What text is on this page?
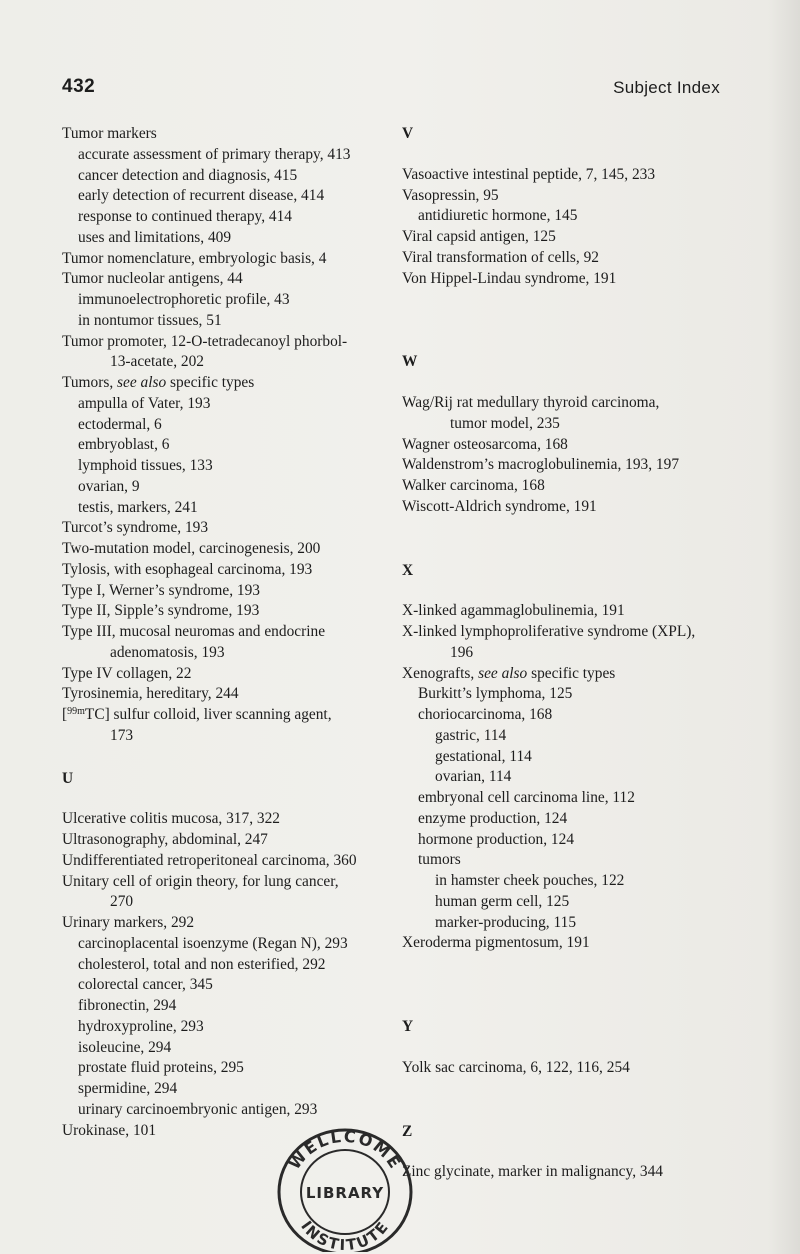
432	Subject Index
Tumor markers
accurate assessment of primary therapy, 413
cancer detection and diagnosis, 415
early detection of recurrent disease, 414
response to continued therapy, 414
uses and limitations, 409
Tumor nomenclature, embryologic basis, 4
Tumor nucleolar antigens, 44
immunoelectrophoretic profile, 43
in nontumor tissues, 51
Tumor promoter, 12-O-tetradecanoyl phorbol-
13-acetate, 202
Tumors, see also specific types
ampulla of Vater, 193
ectodermal, 6
embryoblast, 6
lymphoid tissues, 133
ovarian, 9
testis, markers, 241
Turcot’s syndrome, 193
Two-mutation model, carcinogenesis, 200
Tylosis, with esophageal carcinoma, 193
Type I, Werner’s syndrome, 193
Type II, Sipple’s syndrome, 193
Type III, mucosal neuromas and endocrine
adenomatosis, 193
Type IV collagen, 22
Tyrosinemia, hereditary, 244
[$^{99m}$TC] sulfur colloid, liver scanning agent,
173
U
Ulcerative colitis mucosa, 317, 322
Ultrasonography, abdominal, 247
Undifferentiated retroperitoneal carcinoma, 360
Unitary cell of origin theory, for lung cancer,
270
Urinary markers, 292
carcinoplacental isoenzyme (Regan N), 293
cholesterol, total and non esterified, 292
colorectal cancer, 345
fibronectin, 294
hydroxyproline, 293
isoleucine, 294
prostate fluid proteins, 295
spermidine, 294
urinary carcinoembryonic antigen, 293
Urokinase, 101
V
Vasoactive intestinal peptide, 7, 145, 233
Vasopressin, 95
antidiuretic hormone, 145
Viral capsid antigen, 125
Viral transformation of cells, 92
Von Hippel-Lindau syndrome, 191
W
Wag/Rij rat medullary thyroid carcinoma,
tumor model, 235
Wagner osteosarcoma, 168
Waldenstrom’s macroglobulinemia, 193, 197
Walker carcinoma, 168
Wiscott-Aldrich syndrome, 191
X
X-linked agammaglobulinemia, 191
X-linked lymphoproliferative syndrome (XPL),
196
Xenografts, see also specific types
Burkitt’s lymphoma, 125
choriocarcinoma, 168
gastric, 114
gestational, 114
ovarian, 114
embryonal cell carcinoma line, 112
enzyme production, 124
hormone production, 124
tumors
in hamster cheek pouches, 122
human germ cell, 125
marker-producing, 115
Xeroderma pigmentosum, 191
Y
Yolk sac carcinoma, 6, 122, 116, 254
Z
Zinc glycinate, marker in malignancy, 344
WELLCOME
INSTITUTE
LIBRARY
